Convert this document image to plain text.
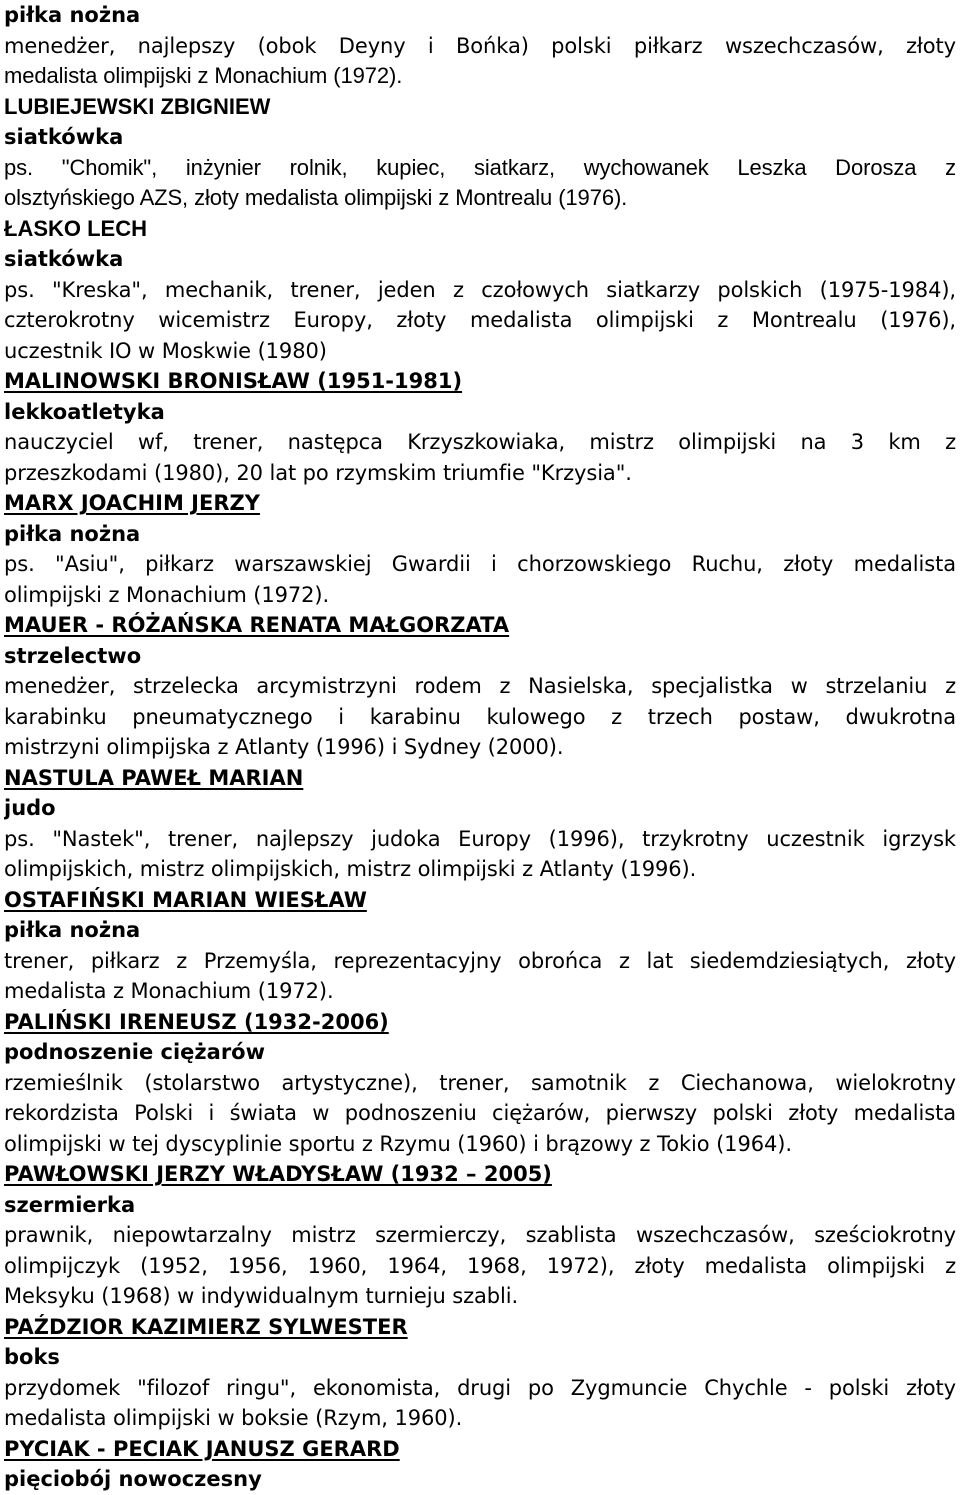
piłka nożna
menedżer, najlepszy (obok Deyny i Bońka) polski piłkarz wszechczasów, złoty
medalista olimpijski z Monachium (1972).
LUBIEJEWSKI ZBIGNIEW
siatkówka
ps. "Chomik", inżynier rolnik, kupiec, siatkarz, wychowanek Leszka Dorosza z
olsztyńskiego AZS, złoty medalista olimpijski z Montrealu (1976).
ŁASKO LECH
siatkówka
ps. "Kreska", mechanik, trener, jeden z czołowych siatkarzy polskich (1975-1984),
czterokrotny wicemistrz Europy, złoty medalista olimpijski z Montrealu (1976),
uczestnik IO w Moskwie (1980)
MALINOWSKI BRONISŁAW (1951-1981)
lekkoatletyka
nauczyciel wf, trener, następca Krzyszkowiaka, mistrz olimpijski na 3 km z
przeszkodami (1980), 20 lat po rzymskim triumfie "Krzysia".
MARX JOACHIM JERZY
piłka nożna
ps. "Asiu", piłkarz warszawskiej Gwardii i chorzowskiego Ruchu, złoty medalista
olimpijski z Monachium (1972).
MAUER - RÓŻAŃSKA RENATA MAŁGORZATA
strzelectwo
menedżer, strzelecka arcymistrzyni rodem z Nasielska, specjalistka w strzelaniu z
karabinku pneumatycznego i karabinu kulowego z trzech postaw, dwukrotna
mistrzyni olimpijska z Atlanty (1996) i Sydney (2000).
NASTULA PAWEŁ MARIAN
judo
ps. "Nastek", trener, najlepszy judoka Europy (1996), trzykrotny uczestnik igrzysk
olimpijskich, mistrz olimpijskich, mistrz olimpijski z Atlanty (1996).
OSTAFIŃSKI MARIAN WIESŁAW
piłka nożna
trener, piłkarz z Przemyśla, reprezentacyjny obrońca z lat siedemdziesiątych, złoty
medalista z Monachium (1972).
PALIŃSKI IRENEUSZ (1932-2006)
podnoszenie ciężarów
rzemieślnik (stolarstwo artystyczne), trener, samotnik z Ciechanowa, wielokrotny
rekordzista Polski i świata w podnoszeniu ciężarów, pierwszy polski złoty medalista
olimpijski w tej dyscyplinie sportu z Rzymu (1960) i brązowy z Tokio (1964).
PAWŁOWSKI JERZY WŁADYSŁAW (1932 – 2005)
szermierka
prawnik, niepowtarzalny mistrz szermierczy, szablista wszechczasów, sześciokrotny
olimpijczyk (1952, 1956, 1960, 1964, 1968, 1972), złoty medalista olimpijski z
Meksyku (1968) w indywidualnym turnieju szabli.
PAŹDZIOR KAZIMIERZ SYLWESTER
boks
przydomek "filozof ringu", ekonomista, drugi po Zygmuncie Chychle - polski złoty
medalista olimpijski w boksie (Rzym, 1960).
PYCIAK - PECIAK JANUSZ GERARD
pięciobój nowoczesny
